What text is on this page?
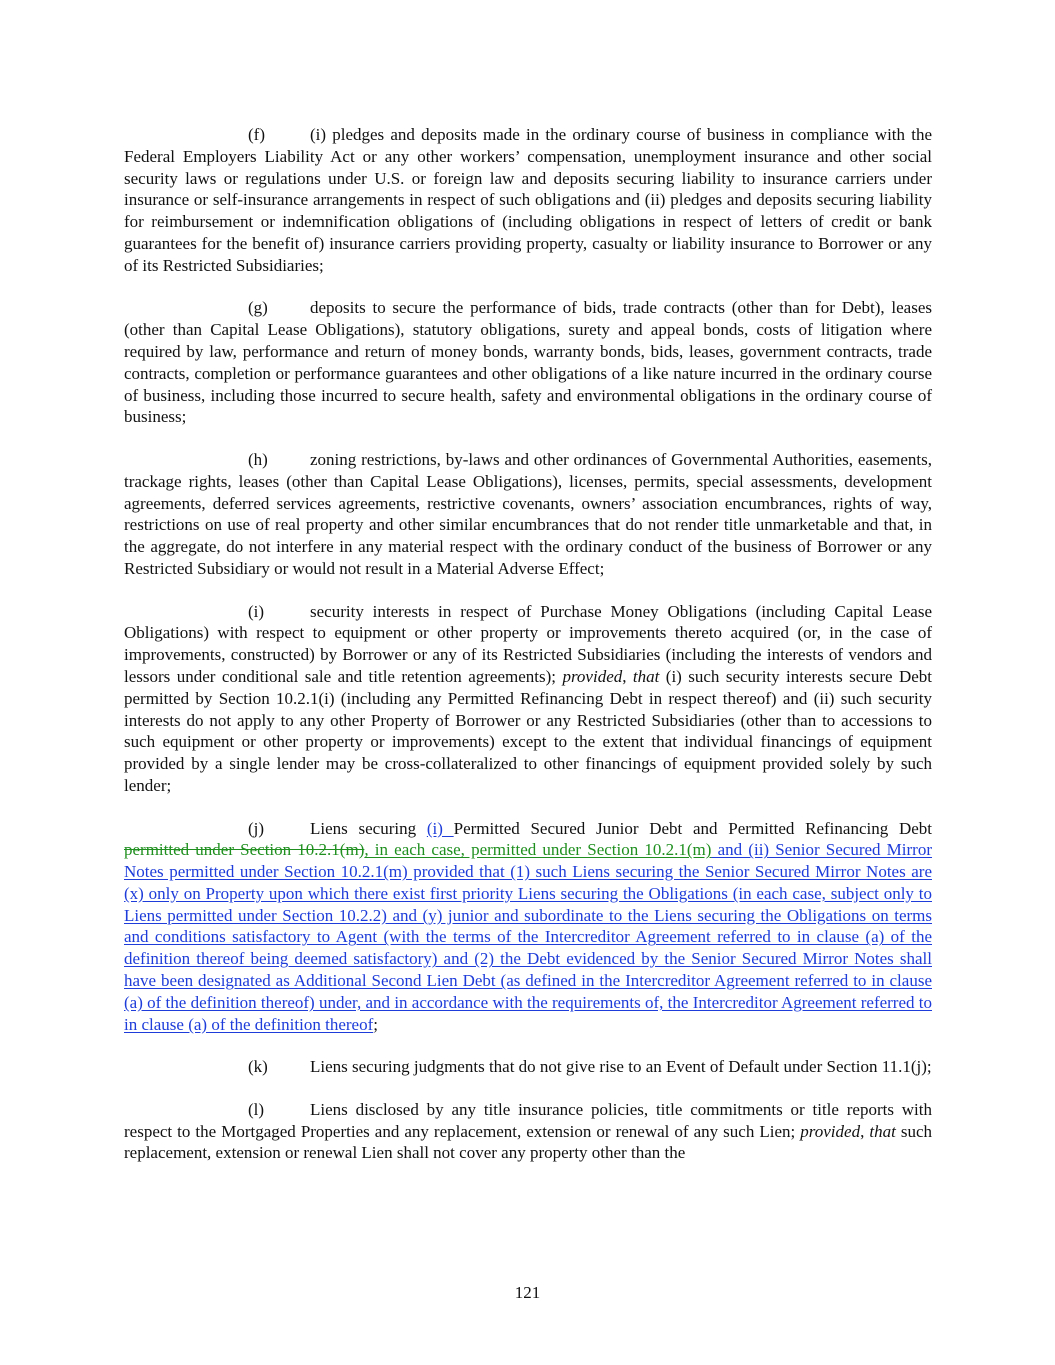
(f)	(i) pledges and deposits made in the ordinary course of business in compliance with the Federal Employers Liability Act or any other workers’ compensation, unemployment insurance and other social security laws or regulations under U.S. or foreign law and deposits securing liability to insurance carriers under insurance or self-insurance arrangements in respect of such obligations and (ii) pledges and deposits securing liability for reimbursement or indemnification obligations of (including obligations in respect of letters of credit or bank guarantees for the benefit of) insurance carriers providing property, casualty or liability insurance to Borrower or any of its Restricted Subsidiaries;

(g) deposits to secure the performance of bids, trade contracts (other than for Debt), leases (other than Capital Lease Obligations), statutory obligations, surety and appeal bonds, costs of litigation where required by law, performance and return of money bonds, warranty bonds, bids, leases, government contracts, trade contracts, completion or performance guarantees and other obligations of a like nature incurred in the ordinary course of business, including those incurred to secure health, safety and environmental obligations in the ordinary course of business;

(h) zoning restrictions, by-laws and other ordinances of Governmental Authorities, easements, trackage rights, leases (other than Capital Lease Obligations), licenses, permits, special assessments, development agreements, deferred services agreements, restrictive covenants, owners’ association encumbrances, rights of way, restrictions on use of real property and other similar encumbrances that do not render title unmarketable and that, in the aggregate, do not interfere in any material respect with the ordinary conduct of the business of Borrower or any Restricted Subsidiary or would not result in a Material Adverse Effect;

(i)	security interests in respect of Purchase Money Obligations (including Capital Lease Obligations) with respect to equipment or other property or improvements thereto acquired (or, in the case of improvements, constructed) by Borrower or any of its Restricted Subsidiaries (including the interests of vendors and lessors under conditional sale and title retention agreements); provided, that (i) such security interests secure Debt permitted by Section 10.2.1(i) (including any Permitted Refinancing Debt in respect thereof) and (ii) such security interests do not apply to any other Property of Borrower or any Restricted Subsidiaries (other than to accessions to such equipment or other property or improvements) except to the extent that individual financings of equipment provided by a single lender may be cross-collateralized to other financings of equipment provided solely by such lender;

(j)	Liens securing (i) Permitted Secured Junior Debt and Permitted Refinancing Debt permitted under Section 10.2.1(m), in each case, permitted under Section 10.2.1(m) and (ii) Senior Secured Mirror Notes permitted under Section 10.2.1(m) provided that (1) such Liens securing the Senior Secured Mirror Notes are (x) only on Property upon which there exist first priority Liens securing the Obligations (in each case, subject only to Liens permitted under Section 10.2.2) and (y) junior and subordinate to the Liens securing the Obligations on terms and conditions satisfactory to Agent (with the terms of the Intercreditor Agreement referred to in clause (a) of the definition thereof being deemed satisfactory) and (2) the Debt evidenced by the Senior Secured Mirror Notes shall have been designated as Additional Second Lien Debt (as defined in the Intercreditor Agreement referred to in clause (a) of the definition thereof) under, and in accordance with the requirements of, the Intercreditor Agreement referred to in clause (a) of the definition thereof;

(k) Liens securing judgments that do not give rise to an Event of Default under Section 11.1(j);

(l)	Liens disclosed by any title insurance policies, title commitments or title reports with respect to the Mortgaged Properties and any replacement, extension or renewal of any such Lien; provided, that such replacement, extension or renewal Lien shall not cover any property other than the

121
